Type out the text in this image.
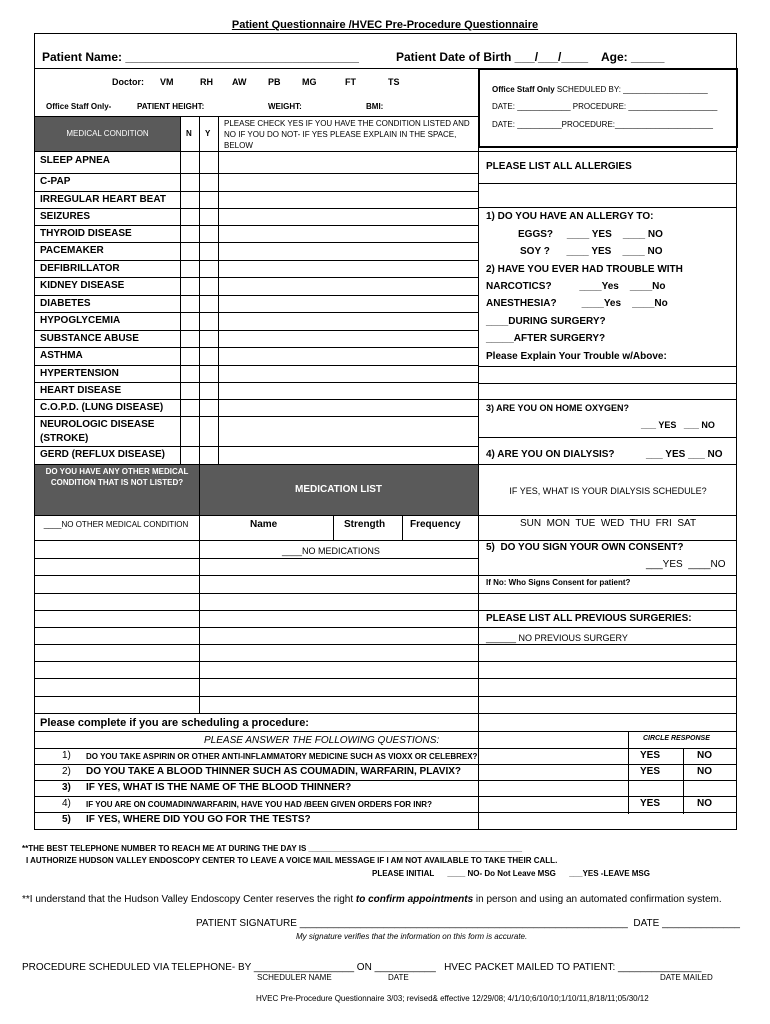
Patient Questionnaire /HVEC Pre-Procedure Questionnaire
Patient Name: ___________________________________	Patient Date of Birth ___/___/____ Age: _____
Doctor: VM	RH AW PB MG	FT	TS
Office Staff Only-	PATIENT HEIGHT:	WEIGHT:	BMI:
Office Staff Only SCHEDULED BY: ___________________
DATE: ____________ PROCEDURE: ____________________
DATE: __________PROCEDURE:______________________
MEDICAL CONDITION	N Y
PLEASE CHECK YES IF YOU HAVE THE CONDITION LISTED AND NO IF YOU DO NOT- IF YES PLEASE EXPLAIN IN THE SPACE, BELOW
SLEEP APNEA
C-PAP
IRREGULAR HEART BEAT
SEIZURES
THYROID DISEASE
PACEMAKER
DEFIBRILLATOR
KIDNEY DISEASE
DIABETES
HYPOGLYCEMIA
SUBSTANCE ABUSE
ASTHMA
HYPERTENSION
HEART DISEASE
C.O.P.D. (LUNG DISEASE)
NEUROLOGIC DISEASE
(STROKE)
GERD (REFLUX DISEASE)
DO YOU HAVE ANY OTHER MEDICAL CONDITION THAT IS NOT LISTED?
MEDICATION LIST
____NO OTHER MEDICAL CONDITION	Name	Strength Frequency
____NO MEDICATIONS
PLEASE LIST ALL ALLERGIES
1) DO YOU HAVE AN ALLERGY TO:
EGGS?     ____ YES    ____ NO
SOY ?      ____ YES    ____ NO
2) HAVE YOU EVER HAD TROUBLE WITH
NARCOTICS?          ____Yes    ____No
ANESTHESIA?         ____Yes    ____No
____DURING SURGERY?
_____AFTER SURGERY?
Please Explain Your Trouble w/Above:
3) ARE YOU ON HOME OXYGEN?
___ YES   ___ NO
4) ARE YOU ON DIALYSIS?	___ YES ___ NO
IF YES, WHAT IS YOUR DIALYSIS SCHEDULE?
SUN  MON  TUE  WED  THU  FRI  SAT
5)  DO YOU SIGN YOUR OWN CONSENT?
___YES  ____NO
If No: Who Signs Consent for patient?
PLEASE LIST ALL PREVIOUS SURGERIES:
______ NO PREVIOUS SURGERY
Please complete if you are scheduling a procedure:
PLEASE ANSWER THE FOLLOWING QUESTIONS:	CIRCLE RESPONSE
1) DO YOU TAKE ASPIRIN OR OTHER ANTI-INFLAMMATORY MEDICINE SUCH AS VIOXX OR CELEBREX?	YES	NO
2) DO YOU TAKE A BLOOD THINNER SUCH AS COUMADIN, WARFARIN, PLAVIX?	YES	NO
3) IF YES, WHAT IS THE NAME OF THE BLOOD THINNER?
4) IF YOU ARE ON COUMADIN/WARFARIN, HAVE YOU HAD /BEEN GIVEN ORDERS FOR INR?	YES	NO
5) IF YES, WHERE DID YOU GO FOR THE TESTS?
**THE BEST TELEPHONE NUMBER TO REACH ME AT DURING THE DAY IS ________________________________________________
I AUTHORIZE HUDSON VALLEY ENDOSCOPY CENTER TO LEAVE A VOICE MAIL MESSAGE IF I AM NOT AVAILABLE TO TAKE THEIR CALL.
PLEASE INITIAL      ____ NO- Do Not Leave MSG      ___YES -LEAVE MSG
**I understand that the Hudson Valley Endoscopy Center reserves the right to confirm appointments in person and using an automated confirmation system.
PATIENT SIGNATURE ___________________________________________________________  DATE ______________
My signature verifies that the information on this form is accurate.
PROCEDURE SCHEDULED VIA TELEPHONE- BY __________________ ON ___________   HVEC PACKET MAILED TO PATIENT: _______________
SCHEDULER NAME	DATE	DATE MAILED
HVEC Pre-Procedure Questionnaire 3/03; revised& effective 12/29/08; 4/1/10;6/10/10;1/10/11,8/18/11;05/30/12
